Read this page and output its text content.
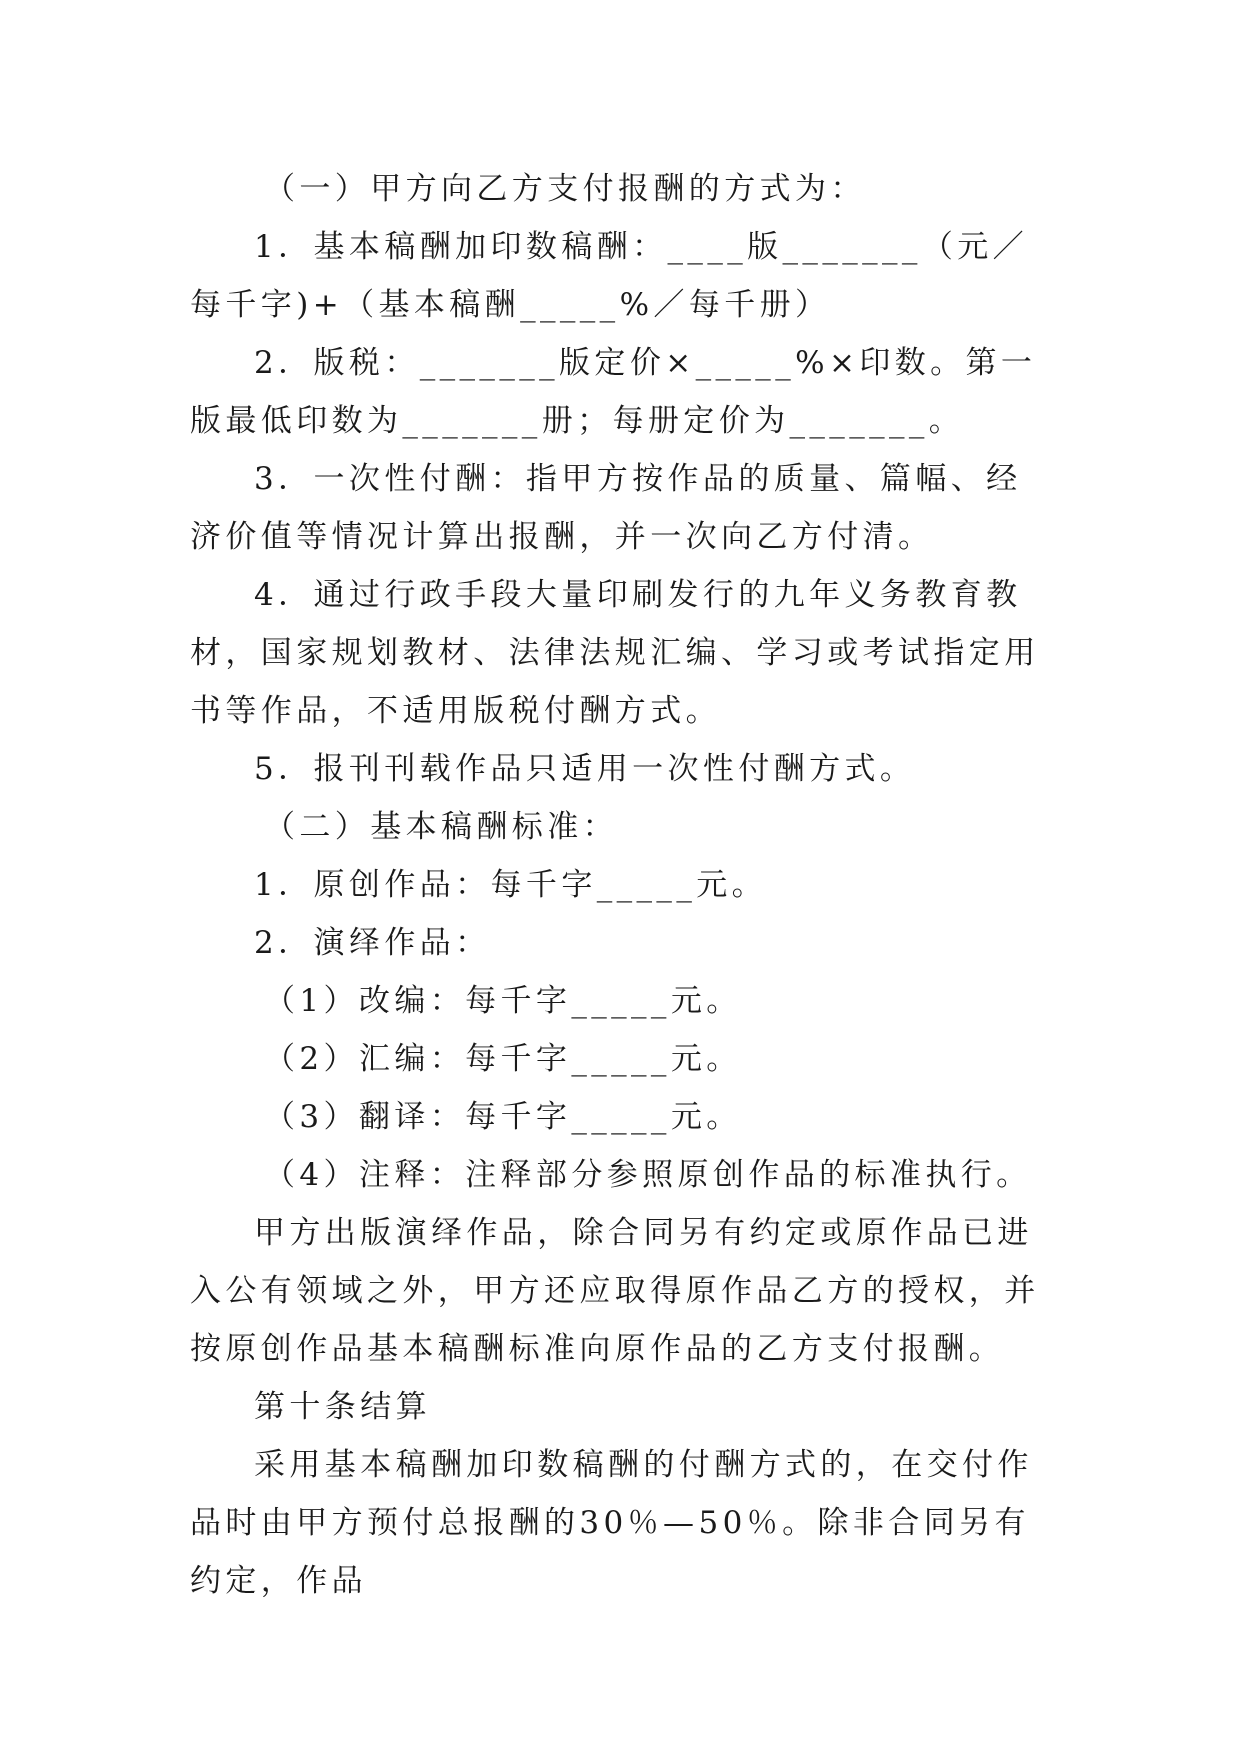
（一）甲方向乙方支付报酬的方式为：

1．基本稿酬加印数稿酬：____版_______（元／每千字)+（基本稿酬_____%／每千册）

2．版税：_______版定价×_____%×印数。第一版最低印数为_______册；每册定价为_______。

3．一次性付酬：指甲方按作品的质量、篇幅、经济价值等情况计算出报酬，并一次向乙方付清。

4．通过行政手段大量印刷发行的九年义务教育教材，国家规划教材、法律法规汇编、学习或考试指定用书等作品，不适用版税付酬方式。

5．报刊刊载作品只适用一次性付酬方式。

（二）基本稿酬标准：

1．原创作品：每千字_____元。

2．演绎作品：

（1）改编：每千字_____元。

（2）汇编：每千字_____元。

（3）翻译：每千字_____元。

（4）注释：注释部分参照原创作品的标准执行。

甲方出版演绎作品，除合同另有约定或原作品已进入公有领域之外，甲方还应取得原作品乙方的授权，并按原创作品基本稿酬标准向原作品的乙方支付报酬。

第十条结算

采用基本稿酬加印数稿酬的付酬方式的，在交付作品时由甲方预付总报酬的30％—50％。除非合同另有约定，作品
